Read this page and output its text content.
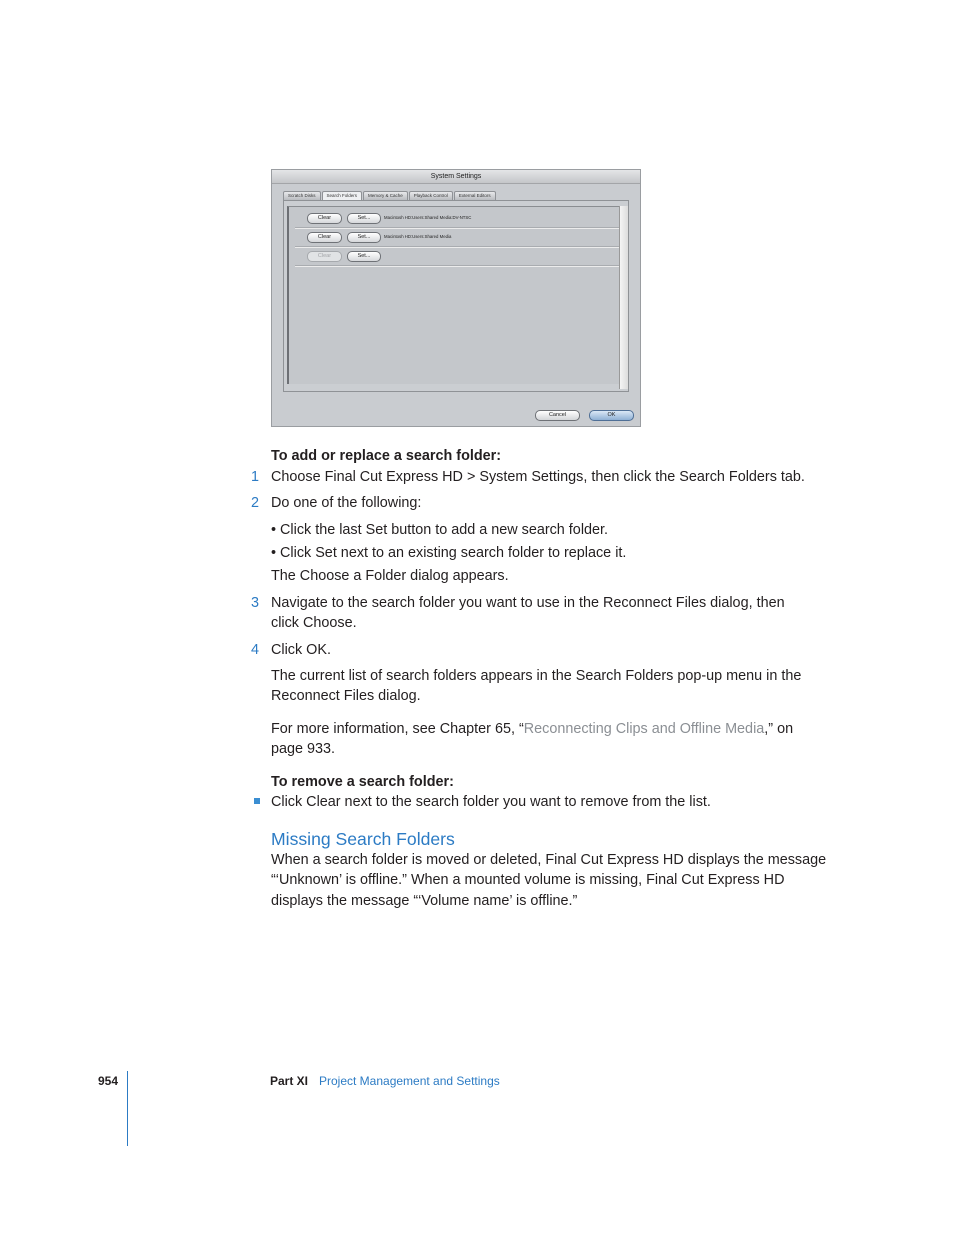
System Settings
Scratch Disks	Search Folders	Memory & Cache	Playback Control	External Editors
Clear	Set...	Macintosh HD:Users:Shared Media:DV-NTSC
Clear	Set...	Macintosh HD:Users:Shared Media
Clear	Set...
Cancel	OK
To add or replace a search folder:
1 Choose Final Cut Express HD > System Settings, then click the Search Folders tab.
2 Do one of the following:
• Click the last Set button to add a new search folder.
• Click Set next to an existing search folder to replace it.
The Choose a Folder dialog appears.
3 Navigate to the search folder you want to use in the Reconnect Files dialog, then
click Choose.
4 Click OK.
The current list of search folders appears in the Search Folders pop-up menu in the
Reconnect Files dialog.
For more information, see Chapter 65, “Reconnecting Clips and Offline Media,” on
page 933.
To remove a search folder:
Click Clear next to the search folder you want to remove from the list.
Missing Search Folders
When a search folder is moved or deleted, Final Cut Express HD displays the message
“‘Unknown’ is offline.” When a mounted volume is missing, Final Cut Express HD
displays the message “‘Volume name’ is offline.”
954	Part XI Project Management and Settings
